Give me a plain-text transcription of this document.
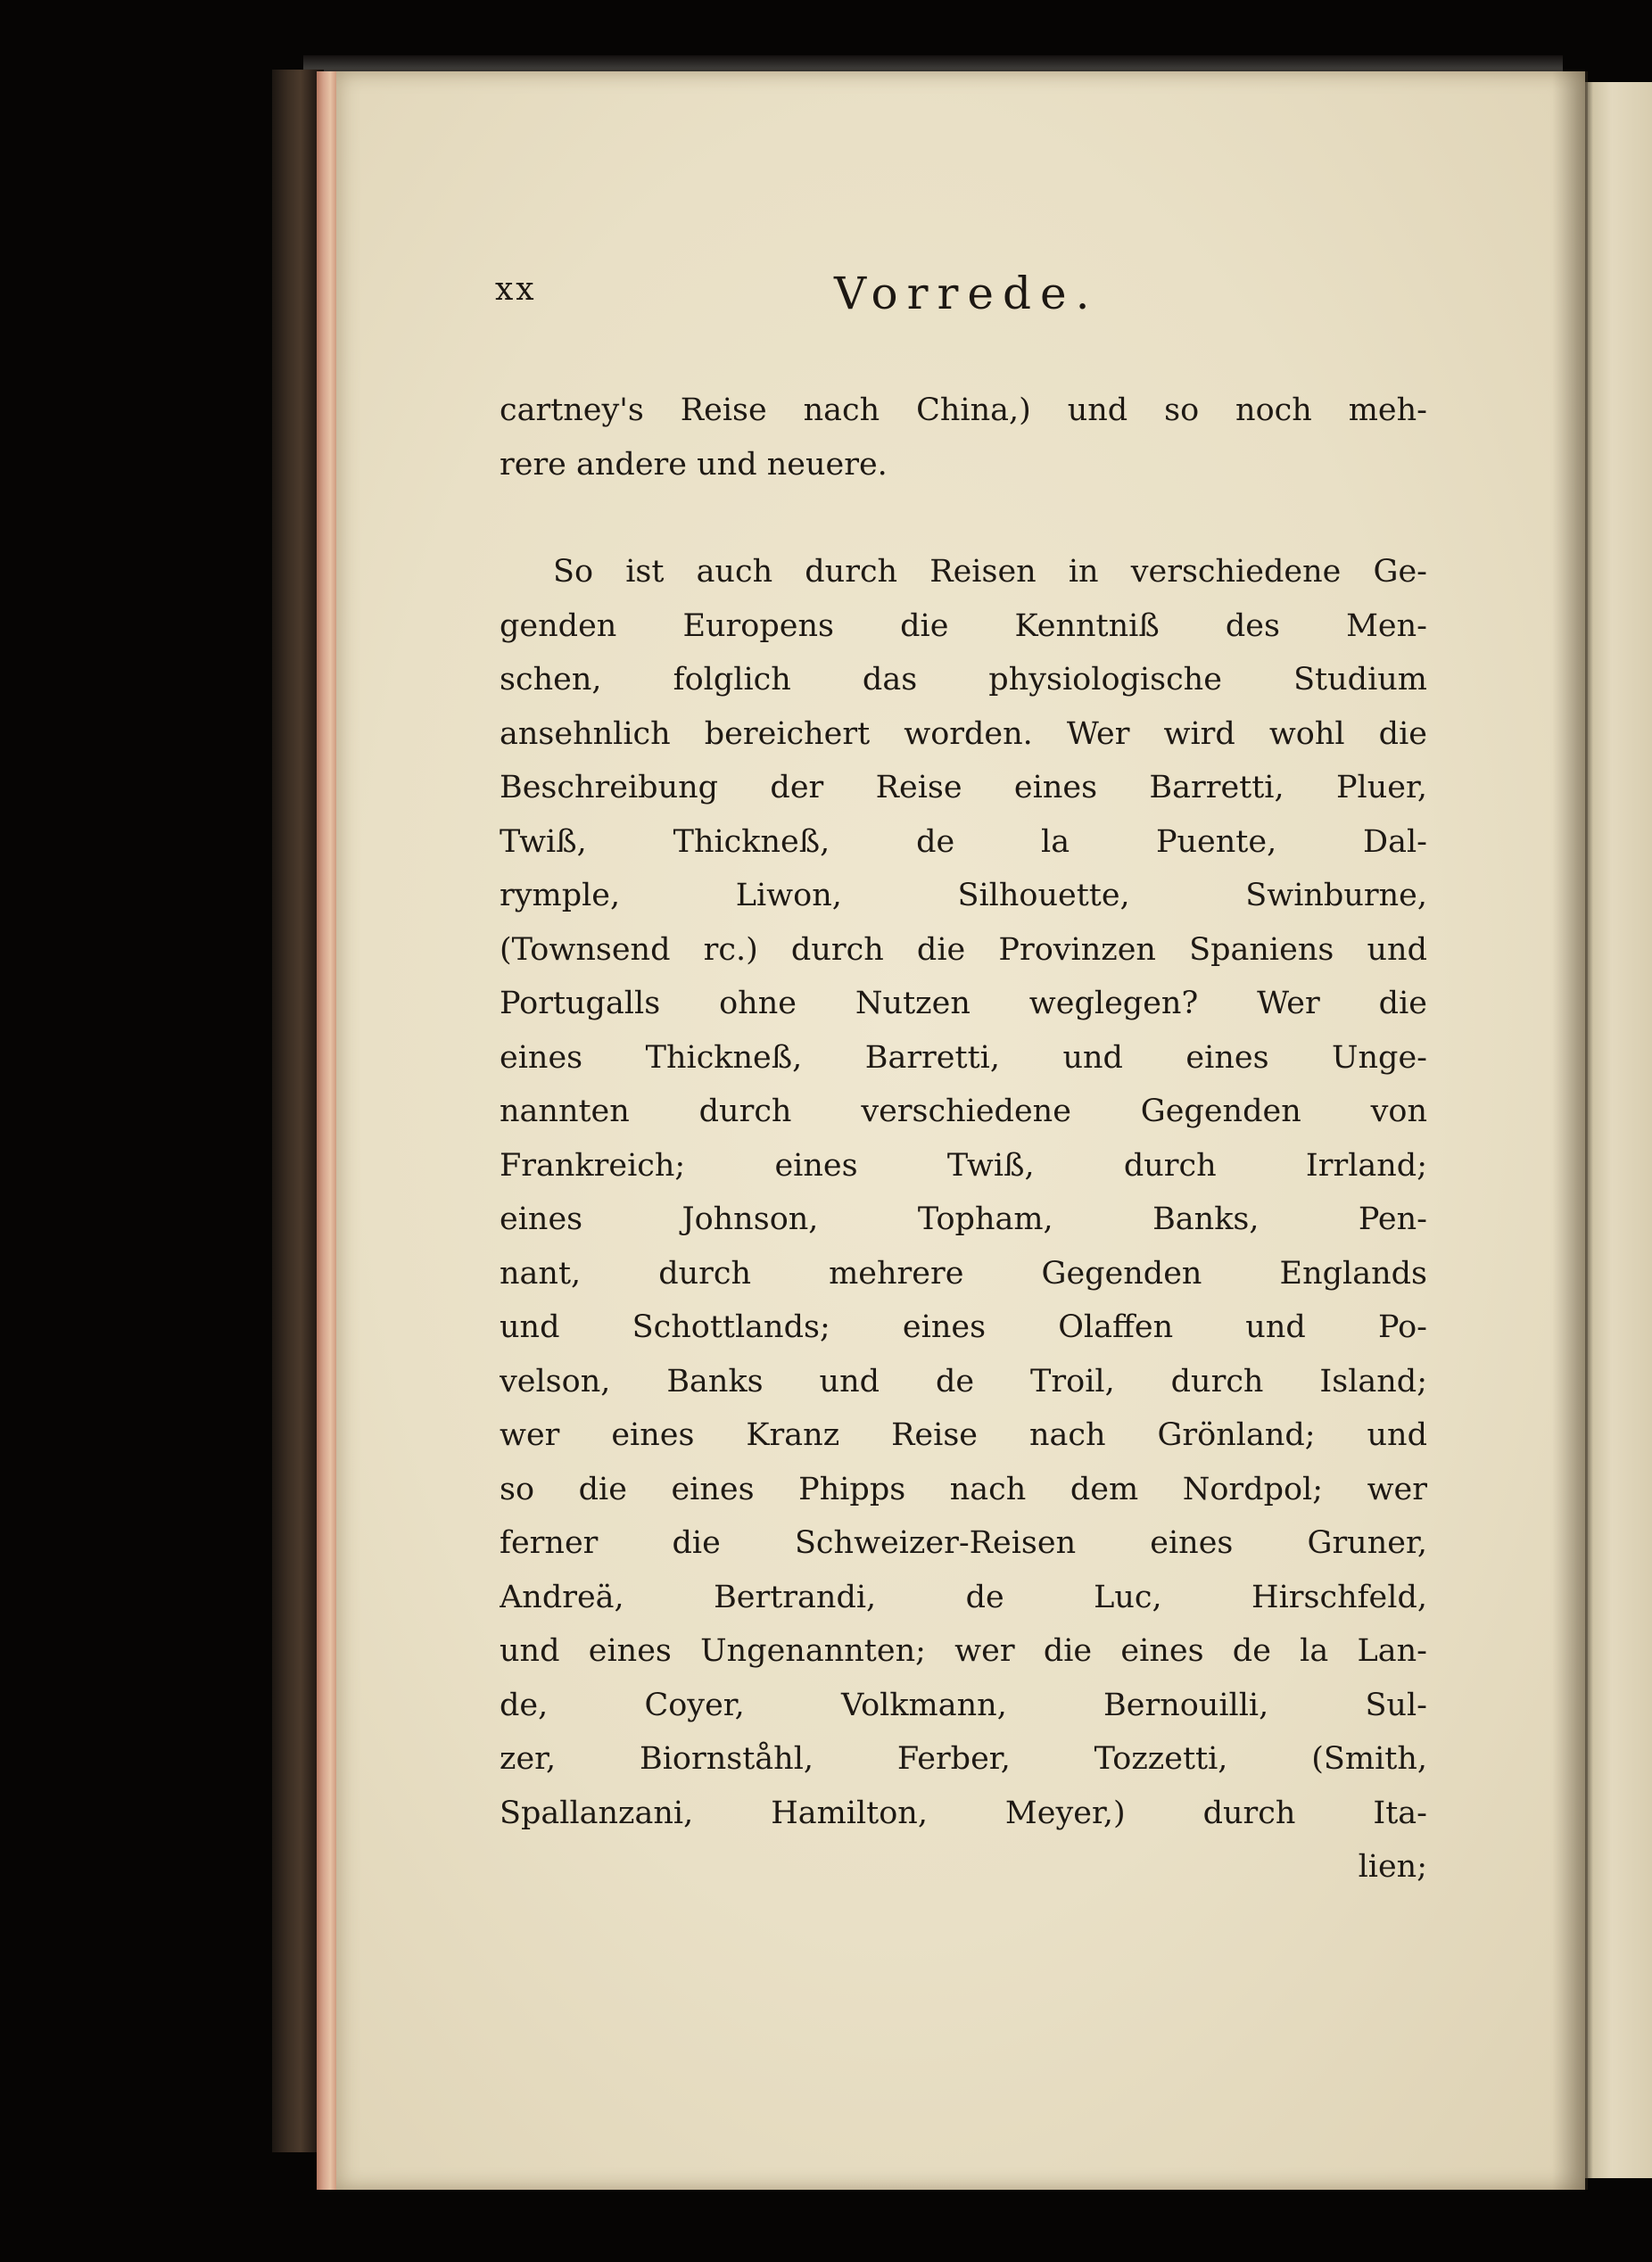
xx	Vorrede.
cartney's Reise nach China,) und so noch meh-
rere andere und neuere.
So ist auch durch Reisen in verschiedene Ge-
genden Europens die Kenntniß des Men-
schen, folglich das physiologische Studium
ansehnlich bereichert worden. Wer wird wohl die
Beschreibung der Reise eines Barretti, Pluer,
Twiß, Thickneß, de la Puente, Dal-
rymple, Liwon, Silhouette, Swinburne,
(Townsend rc.) durch die Provinzen Spaniens und
Portugalls ohne Nutzen weglegen? Wer die
eines Thickneß, Barretti, und eines Unge-
nannten durch verschiedene Gegenden von
Frankreich; eines Twiß, durch Irrland;
eines Johnson, Topham, Banks, Pen-
nant, durch mehrere Gegenden Englands
und Schottlands; eines Olaffen und Po-
velson, Banks und de Troil, durch Island;
wer eines Kranz Reise nach Grönland; und
so die eines Phipps nach dem Nordpol; wer
ferner die Schweizer-Reisen eines Gruner,
Andreä, Bertrandi, de Luc, Hirschfeld,
und eines Ungenannten; wer die eines de la Lan-
de, Coyer, Volkmann, Bernouilli, Sul-
zer, Biornståhl, Ferber, Tozzetti, (Smith,
Spallanzani, Hamilton, Meyer,) durch Ita-
lien;
